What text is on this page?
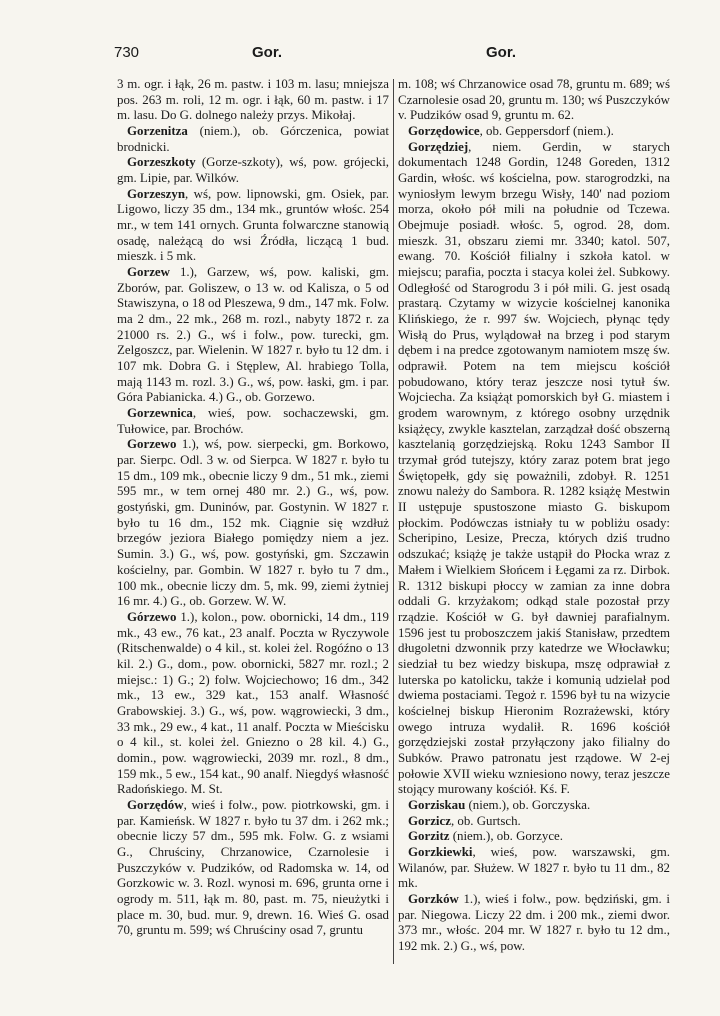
730	Gor.	Gor.

3 m. ogr. i łąk, 26 m. pastw. i 103 m. lasu; mniejsza pos. 263 m. roli, 12 m. ogr. i łąk, 60 m. pastw. i 17 m. lasu. Do G. dolnego należy przys. Mikołaj.

Gorzenitza (niem.), ob. Górczenica, powiat brodnicki.

Gorzeszkoty (Gorze-szkoty), wś, pow. grójecki, gm. Lipie, par. Wilków.

Gorzeszyn, wś, pow. lipnowski, gm. Osiek, par. Ligowo, liczy 35 dm., 134 mk., gruntów włośc. 254 mr., w tem 141 ornych. Grunta folwarczne stanowią osadę, należącą do wsi Źródła, liczącą 1 bud. mieszk. i 5 mk.

Gorzew 1.), Garzew, wś, pow. kaliski, gm. Zborów, par. Goliszew, o 13 w. od Kalisza, o 5 od Stawiszyna, o 18 od Pleszewa, 9 dm., 147 mk. Folw. ma 2 dm., 22 mk., 268 m. rozl., nabyty 1872 r. za 21000 rs. 2.) G., wś i folw., pow. turecki, gm. Zelgoszcz, par. Wielenin. W 1827 r. było tu 12 dm. i 107 mk. Dobra G. i Stęplew, Al. hrabiego Tolla, mają 1143 m. rozl. 3.) G., wś, pow. łaski, gm. i par. Góra Pabianicka. 4.) G., ob. Gorzewo.

Gorzewnica, wieś, pow. sochaczewski, gm. Tułowice, par. Brochów.

Gorzewo 1.), wś, pow. sierpecki, gm. Borkowo, par. Sierpc. Odl. 3 w. od Sierpca. W 1827 r. było tu 15 dm., 109 mk., obecnie liczy 9 dm., 51 mk., ziemi 595 mr., w tem ornej 480 mr. 2.) G., wś, pow. gostyński, gm. Duninów, par. Gostynin. W 1827 r. było tu 16 dm., 152 mk. Ciągnie się wzdłuż brzegów jeziora Białego pomiędzy niem a jez. Sumin. 3.) G., wś, pow. gostyński, gm. Szczawin kościelny, par. Gombin. W 1827 r. było tu 7 dm., 100 mk., obecnie liczy dm. 5, mk. 99, ziemi żytniej 16 mr. 4.) G., ob. Gorzew. W. W.

Górzewo 1.), kolon., pow. obornicki, 14 dm., 119 mk., 43 ew., 76 kat., 23 analf. Poczta w Ryczywole (Ritschenwalde) o 4 kil., st. kolei żel. Rogóźno o 13 kil. 2.) G., dom., pow. obornicki, 5827 mr. rozl.; 2 miejsc.: 1) G.; 2) folw. Wojciechowo; 16 dm., 342 mk., 13 ew., 329 kat., 153 analf. Własność Grabowskiej. 3.) G., wś, pow. wągrowiecki, 3 dm., 33 mk., 29 ew., 4 kat., 11 analf. Poczta w Mieścisku o 4 kil., st. kolei żel. Gniezno o 28 kil. 4.) G., domin., pow. wągrowiecki, 2039 mr. rozl., 8 dm., 159 mk., 5 ew., 154 kat., 90 analf. Niegdyś własność Radońskiego. M. St.

Gorzędów, wieś i folw., pow. piotrkowski, gm. i par. Kamieńsk. W 1827 r. było tu 37 dm. i 262 mk.; obecnie liczy 57 dm., 595 mk. Folw. G. z wsiami G., Chruściny, Chrzanowice, Czarnolesie i Puszczyków v. Pudzików, od Radomska w. 14, od Gorzkowic w. 3. Rozl. wynosi m. 696, grunta orne i ogrody m. 511, łąk m. 80, past. m. 75, nieużytki i place m. 30, bud. mur. 9, drewn. 16. Wieś G. osad 70, gruntu m. 599; wś Chruściny osad 7, gruntu

m. 108; wś Chrzanowice osad 78, gruntu m. 689; wś Czarnolesie osad 20, gruntu m. 130; wś Puszczyków v. Pudzików osad 9, gruntu m. 62.

Gorzędowice, ob. Geppersdorf (niem.).

Gorzędziej, niem. Gerdin, w starych dokumentach 1248 Gordin, 1248 Goreden, 1312 Gardin, włośc. wś kościelna, pow. starogrodzki, na wyniosłym lewym brzegu Wisły, 140' nad poziom morza, około pół mili na południe od Tczewa. Obejmuje posiadł. włośc. 5, ogrod. 28, dom. mieszk. 31, obszaru ziemi mr. 3340; katol. 507, ewang. 70. Kościół filialny i szkoła katol. w miejscu; parafia, poczta i stacya kolei żel. Subkowy. Odległość od Starogrodu 3 i pół mili. G. jest osadą prastarą. Czytamy w wizycie kościelnej kanonika Klińskiego, że r. 997 św. Wojciech, płynąc tędy Wisłą do Prus, wylądował na brzeg i pod starym dębem i na predce zgotowanym namiotem mszę św. odprawił. Potem na tem miejscu kościół pobudowano, który teraz jeszcze nosi tytuł św. Wojciecha. Za książąt pomorskich był G. miastem i grodem warownym, z którego osobny urzędnik książęcy, zwykle kasztelan, zarządzał dość obszerną kasztelanią gorzędziejską. Roku 1243 Sambor II trzymał gród tutejszy, który zaraz potem brat jego Świętopełk, gdy się poważnili, zdobył. R. 1251 znowu należy do Sambora. R. 1282 książę Mestwin II ustępuje spustoszone miasto G. biskupom płockim. Podówczas istniały tu w pobliżu osady: Scheripino, Lesize, Precza, których dziś trudno odszukać; książę je także ustąpił do Płocka wraz z Małem i Wielkiem Słońcem i Łęgami za rz. Dirbok. R. 1312 biskupi płoccy w zamian za inne dobra oddali G. krzyżakom; odkąd stale pozostał przy rządzie. Kościół w G. był dawniej parafialnym. 1596 jest tu proboszczem jakiś Stanisław, przedtem długoletni dzwonnik przy katedrze we Włocławku; siedział tu bez wiedzy biskupa, mszę odprawiał z luterska po katolicku, także i komunią udzielał pod dwiema postaciami. Tegoż r. 1596 był tu na wizycie kościelnej biskup Hieronim Rozrażewski, który owego intruza wydalił. R. 1696 kościół gorzędziejski został przyłączony jako filialny do Subków. Prawo patronatu jest rządowe. W 2-ej połowie XVII wieku wzniesiono nowy, teraz jeszcze stojący murowany kościół. Kś. F.

Gorziskau (niem.), ob. Gorczyska.

Gorzicz, ob. Gurtsch.

Gorzitz (niem.), ob. Gorzyce.

Gorzkiewki, wieś, pow. warszawski, gm. Wilanów, par. Służew. W 1827 r. było tu 11 dm., 82 mk.

Gorzków 1.), wieś i folw., pow. będziński, gm. i par. Niegowa. Liczy 22 dm. i 200 mk., ziemi dwor. 373 mr., włośc. 204 mr. W 1827 r. było tu 12 dm., 192 mk. 2.) G., wś, pow.
